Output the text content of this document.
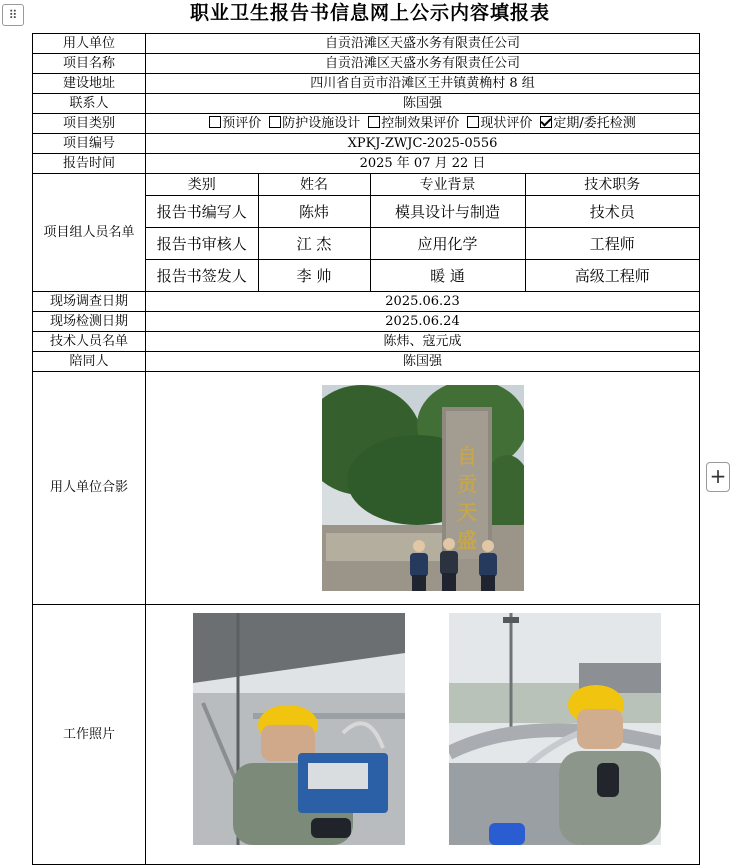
⠿	职业卫生报告书信息网上公示内容填报表
用人单位	自贡沿滩区天盛水务有限责任公司
项目名称	自贡沿滩区天盛水务有限责任公司
建设地址	四川省自贡市沿滩区王井镇黄桷村 8 组
联系人	陈国强
项目类别	预评价 防护设施设计 控制效果评价 现状评价 定期/委托检测
项目编号	XPKJ-ZWJC-2025-0556
报告时间	2025 年 07 月 22 日
项目组人员名单	
类别	姓名	专业背景	技术职务
报告书编写人	陈炜	模具设计与制造	技术员
报告书审核人	江 杰	应用化学	工程师
报告书签发人	李 帅	暖 通	高级工程师

现场调查日期	2025.06.23
现场检测日期	2025.06.24
技术人员名单	陈炜、寇元成
陪同人	陈国强
用人单位合影	
自
贡
天
盛

工作照片	
+
